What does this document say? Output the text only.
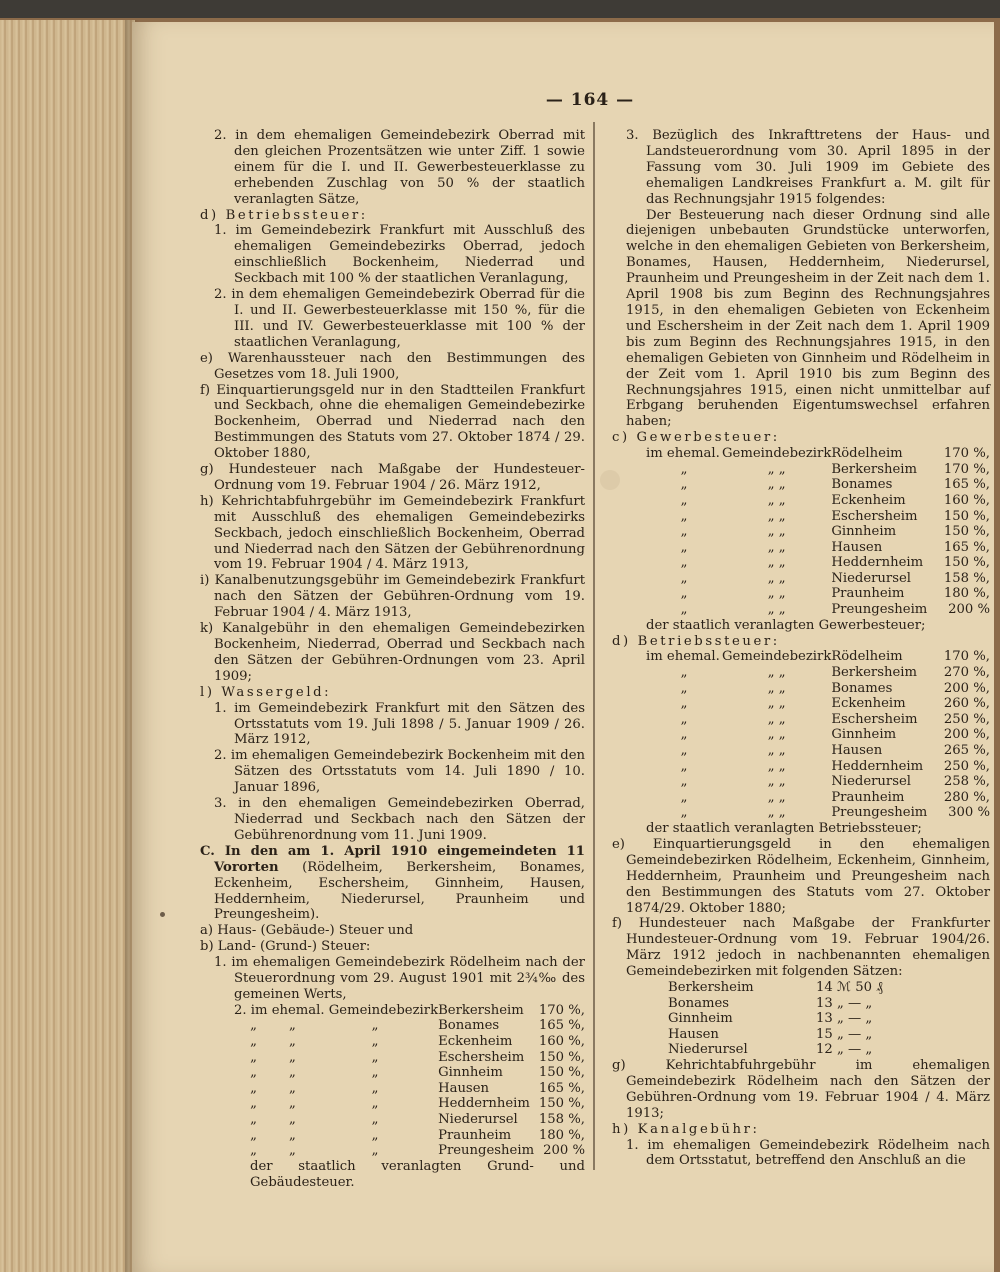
— 164 —

2. in dem ehemaligen Gemeindebezirk Oberrad mit den gleichen Prozentsätzen wie unter Ziff. 1 sowie einem für die I. und II. Gewerbesteuerklasse zu erhebenden Zuschlag von 50 % der staatlich veranlagten Sätze,

d) Betriebssteuer:

1. im Gemeindebezirk Frankfurt mit Ausschluß des ehemaligen Gemeindebezirks Oberrad, jedoch einschließlich Bockenheim, Niederrad und Seckbach mit 100 % der staatlichen Veranlagung,

2. in dem ehemaligen Gemeindebezirk Oberrad für die I. und II. Gewerbesteuerklasse mit 150 %, für die III. und IV. Gewerbesteuerklasse mit 100 % der staatlichen Veranlagung,

e) Warenhaussteuer nach den Bestimmungen des Gesetzes vom 18. Juli 1900,

f) Einquartierungsgeld nur in den Stadtteilen Frankfurt und Seckbach, ohne die ehemaligen Gemeindebezirke Bockenheim, Oberrad und Niederrad nach den Bestimmungen des Statuts vom 27. Oktober 1874 / 29. Oktober 1880,

g) Hundesteuer nach Maßgabe der Hundesteuer-Ordnung vom 19. Februar 1904 / 26. März 1912,

h) Kehrichtabfuhrgebühr im Gemeindebezirk Frankfurt mit Ausschluß des ehemaligen Gemeindebezirks Seckbach, jedoch einschließlich Bockenheim, Oberrad und Niederrad nach den Sätzen der Gebührenordnung vom 19. Februar 1904 / 4. März 1913,

i) Kanalbenutzungsgebühr im Gemeindebezirk Frankfurt nach den Sätzen der Gebühren-Ordnung vom 19. Februar 1904 / 4. März 1913,

k) Kanalgebühr in den ehemaligen Gemeindebezirken Bockenheim, Niederrad, Oberrad und Seckbach nach den Sätzen der Gebühren-Ordnungen vom 23. April 1909;

l) Wassergeld:

1. im Gemeindebezirk Frankfurt mit den Sätzen des Ortsstatuts vom 19. Juli 1898 / 5. Januar 1909 / 26. März 1912,

2. im ehemaligen Gemeindebezirk Bockenheim mit den Sätzen des Ortsstatuts vom 14. Juli 1890 / 10. Januar 1896,

3. in den ehemaligen Gemeindebezirken Oberrad, Niederrad und Seckbach nach den Sätzen der Gebührenordnung vom 11. Juni 1909.

C. In den am 1. April 1910 eingemeindeten 11 Vororten (Rödelheim, Berkersheim, Bonames, Eckenheim, Eschersheim, Ginnheim, Hausen, Heddernheim, Niederursel, Praunheim und Preungesheim).

a) Haus- (Gebäude-) Steuer und

b) Land- (Grund-) Steuer:

1. im ehemaligen Gemeindebezirk Rödelheim nach der Steuerordnung vom 29. August 1901 mit 2¾‰ des gemeinen Werts,

2. im ehemal. Gemeindebezirk			Berkersheim	170 %,
„	„	„	Bonames	165 %,
„	„	„	Eckenheim	160 %,
„	„	„	Eschersheim	150 %,
„	„	„	Ginnheim	150 %,
„	„	„	Hausen	165 %,
„	„	„	Heddernheim	150 %,
„	„	„	Niederursel	158 %,
„	„	„	Praunheim	180 %,
„	„	„	Preungesheim	200 %

der staatlich veranlagten Grund- und Gebäudesteuer.

3. Bezüglich des Inkrafttretens der Haus- und Landsteuerordnung vom 30. April 1895 in der Fassung vom 30. Juli 1909 im Gebiete des ehemaligen Landkreises Frankfurt a. M. gilt für das Rechnungsjahr 1915 folgendes:

Der Besteuerung nach dieser Ordnung sind alle diejenigen unbebauten Grundstücke unterworfen, welche in den ehemaligen Gebieten von Berkersheim, Bonames, Hausen, Heddernheim, Niederursel, Praunheim und Preungesheim in der Zeit nach dem 1. April 1908 bis zum Beginn des Rechnungsjahres 1915, in den ehemaligen Gebieten von Eckenheim und Eschersheim in der Zeit nach dem 1. April 1909 bis zum Beginn des Rechnungsjahres 1915, in den ehemaligen Gebieten von Ginnheim und Rödelheim in der Zeit vom 1. April 1910 bis zum Beginn des Rechnungsjahres 1915, einen nicht unmittelbar auf Erbgang beruhenden Eigentumswechsel erfahren haben;

c) Gewerbesteuer:

im ehemal.	Gemeindebezirk	Rödelheim	170 %,
„	„ „	Berkersheim	170 %,
„	„ „	Bonames	165 %,
„	„ „	Eckenheim	160 %,
„	„ „	Eschersheim	150 %,
„	„ „	Ginnheim	150 %,
„	„ „	Hausen	165 %,
„	„ „	Heddernheim	150 %,
„	„ „	Niederursel	158 %,
„	„ „	Praunheim	180 %,
„	„ „	Preungesheim	200 %

der staatlich veranlagten Gewerbesteuer;

d) Betriebssteuer:

im ehemal.	Gemeindebezirk	Rödelheim	170 %,
„	„ „	Berkersheim	270 %,
„	„ „	Bonames	200 %,
„	„ „	Eckenheim	260 %,
„	„ „	Eschersheim	250 %,
„	„ „	Ginnheim	200 %,
„	„ „	Hausen	265 %,
„	„ „	Heddernheim	250 %,
„	„ „	Niederursel	258 %,
„	„ „	Praunheim	280 %,
„	„ „	Preungesheim	300 %

der staatlich veranlagten Betriebssteuer;

e) Einquartierungsgeld in den ehemaligen Gemeindebezirken Rödelheim, Eckenheim, Ginnheim, Heddernheim, Praunheim und Preungesheim nach den Bestimmungen des Statuts vom 27. Oktober 1874/29. Oktober 1880;

f) Hundesteuer nach Maßgabe der Frankfurter Hundesteuer-Ordnung vom 19. Februar 1904/26. März 1912 jedoch in nachbenannten ehemaligen Gemeindebezirken mit folgenden Sätzen:

Berkersheim	14 ℳ 50 ₰
Bonames	13 „ — „
Ginnheim	13 „ — „
Hausen	15 „ — „
Niederursel	12 „ — „

g) Kehrichtabfuhrgebühr im ehemaligen Gemeindebezirk Rödelheim nach den Sätzen der Gebühren-Ordnung vom 19. Februar 1904 / 4. März 1913;

h) Kanalgebühr:

1. im ehemaligen Gemeindebezirk Rödelheim nach dem Ortsstatut, betreffend den Anschluß an die
